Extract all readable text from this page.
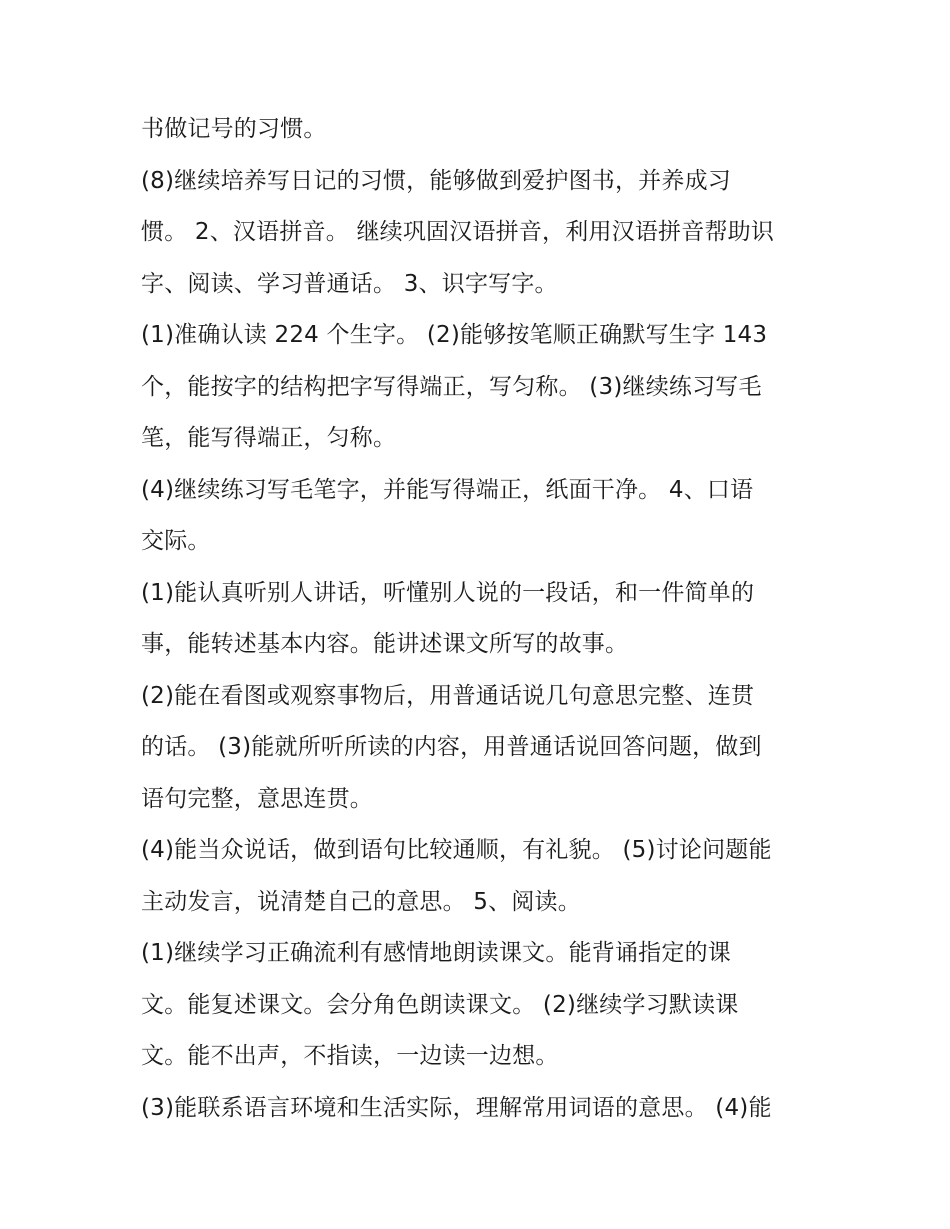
书做记号的习惯。
(8)继续培养写日记的习惯，能够做到爱护图书，并养成习
惯。 2、汉语拼音。 继续巩固汉语拼音，利用汉语拼音帮助识
字、阅读、学习普通话。 3、识字写字。
(1)准确认读 224 个生字。 (2)能够按笔顺正确默写生字 143
个，能按字的结构把字写得端正，写匀称。 (3)继续练习写毛
笔，能写得端正，匀称。
(4)继续练习写毛笔字，并能写得端正，纸面干净。 4、口语
交际。
(1)能认真听别人讲话，听懂别人说的一段话，和一件简单的
事，能转述基本内容。能讲述课文所写的故事。
(2)能在看图或观察事物后，用普通话说几句意思完整、连贯
的话。 (3)能就所听所读的内容，用普通话说回答问题，做到
语句完整，意思连贯。
(4)能当众说话，做到语句比较通顺，有礼貌。 (5)讨论问题能
主动发言，说清楚自己的意思。 5、阅读。
(1)继续学习正确流利有感情地朗读课文。能背诵指定的课
文。能复述课文。会分角色朗读课文。 (2)继续学习默读课
文。能不出声，不指读，一边读一边想。
(3)能联系语言环境和生活实际，理解常用词语的意思。 (4)能
